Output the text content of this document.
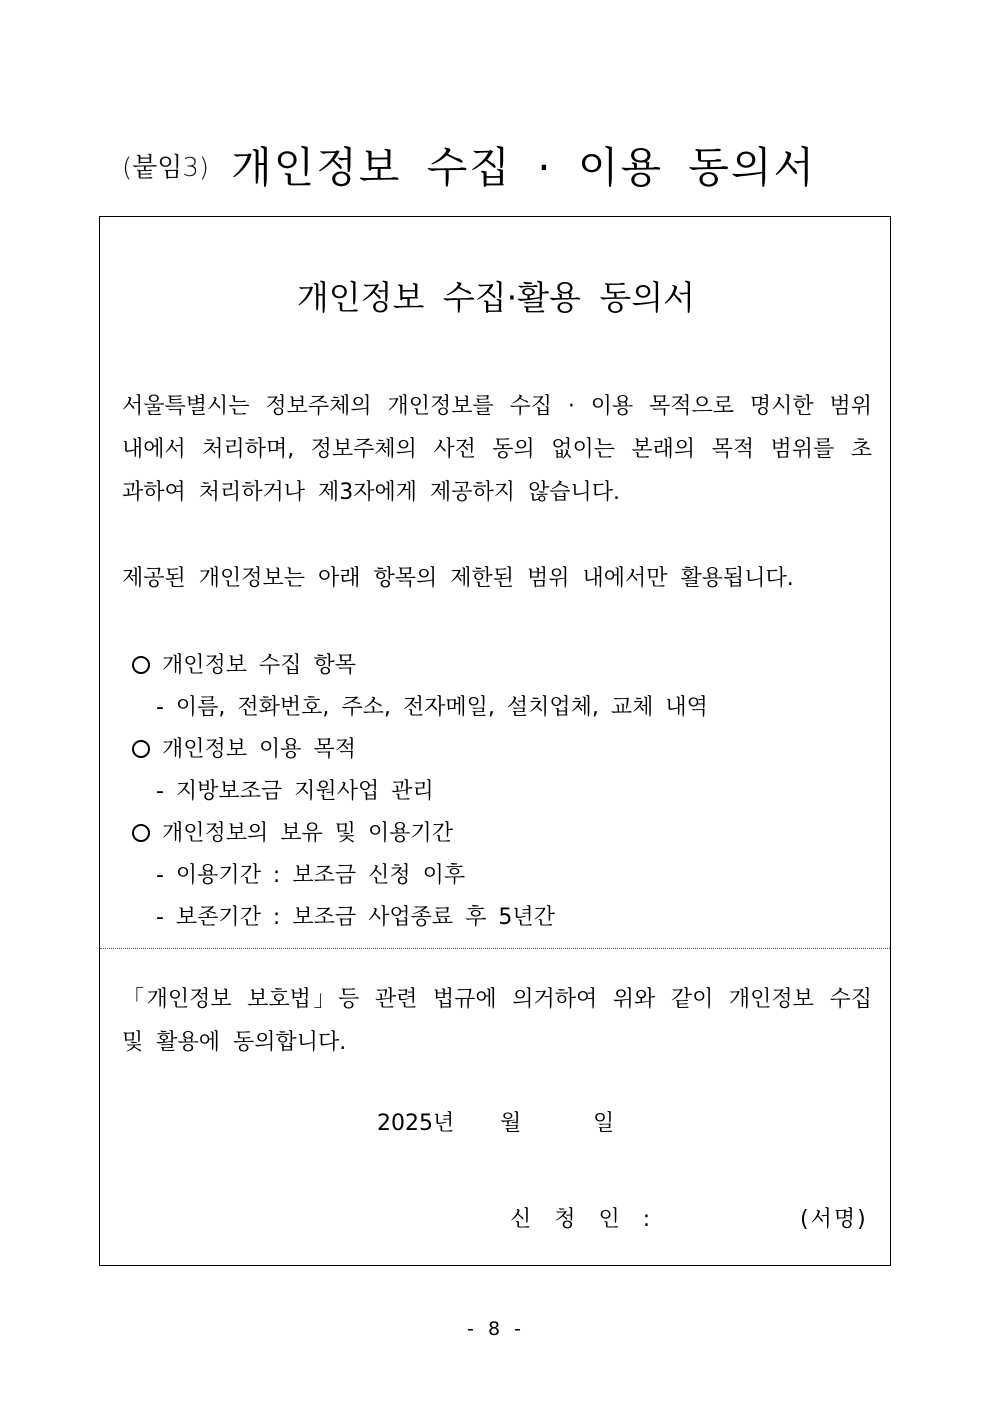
(붙임3) 개인정보 수집 · 이용 동의서
개인정보 수집·활용 동의서
서울특별시는 정보주체의 개인정보를 수집 · 이용 목적으로 명시한 범위 내에서 처리하며, 정보주체의 사전 동의 없이는 본래의 목적 범위를 초
과하여 처리하거나 제3자에게 제공하지 않습니다.
제공된 개인정보는 아래 항목의 제한된 범위 내에서만 활용됩니다.
개인정보 수집 항목
- 이름, 전화번호, 주소, 전자메일, 설치업체, 교체 내역
개인정보 이용 목적
- 지방보조금 지원사업 관리
개인정보의 보유 및 이용기간
- 이용기간 : 보조금 신청 이후
- 보존기간 : 보조금 사업종료 후 5년간
「개인정보 보호법」등 관련 법규에 의거하여 위와 같이 개인정보 수집
및 활용에 동의합니다.
2025년 월	일
신 청 인 :	(서명)
- 8 -
